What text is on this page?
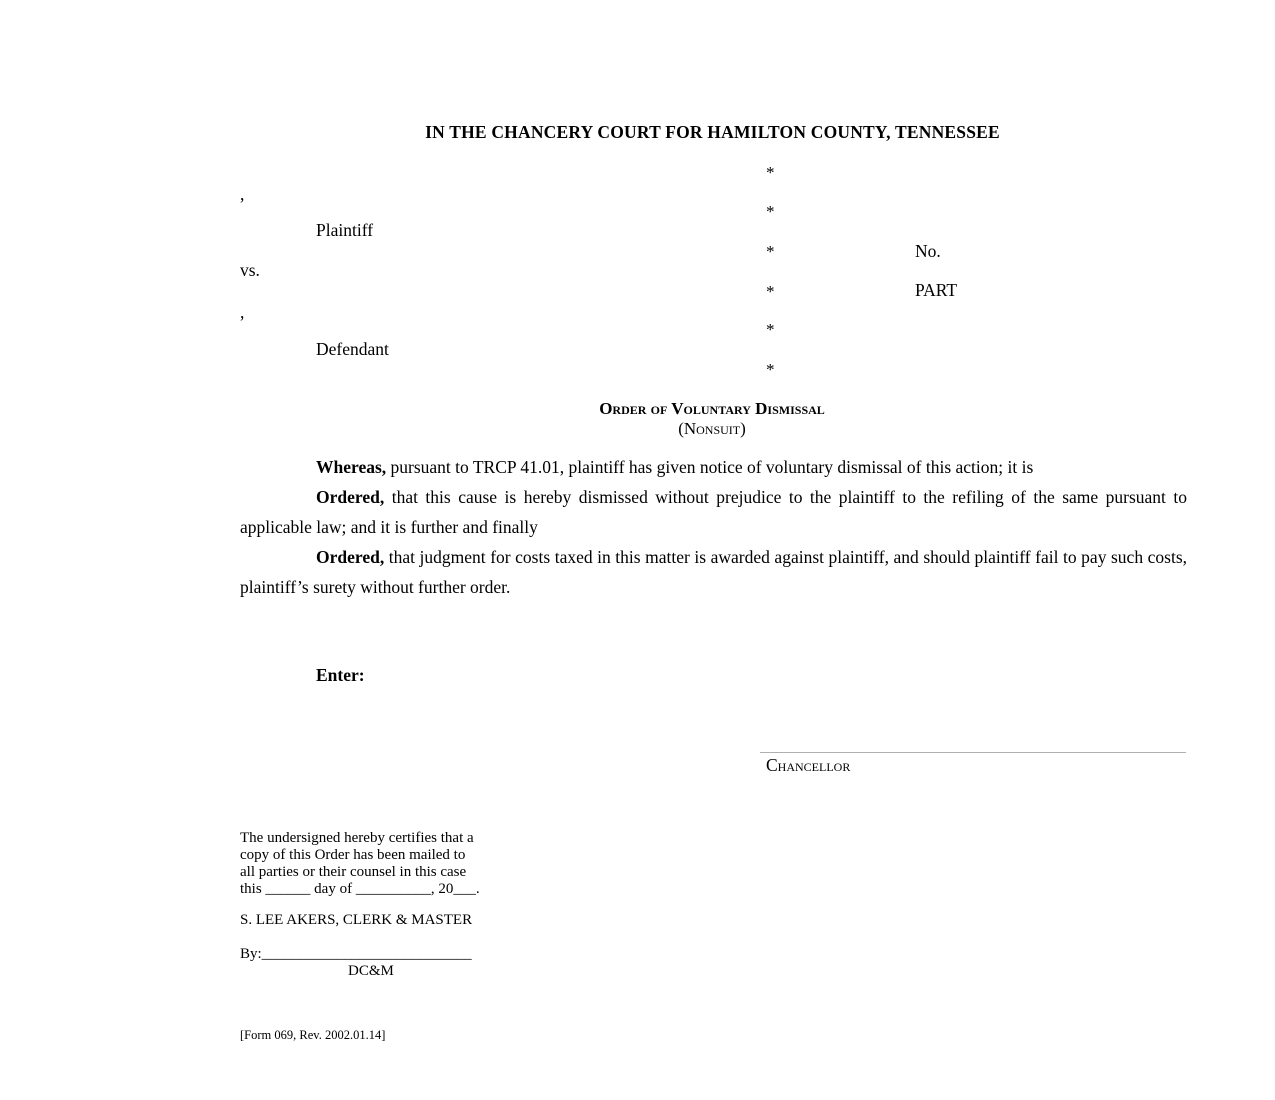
IN THE CHANCERY COURT FOR HAMILTON COUNTY, TENNESSEE
,
Plaintiff
vs.
,
Defendant
*
*
*
*
*
*
No.
PART
Order of Voluntary Dismissal
(Nonsuit)

Whereas, pursuant to TRCP 41.01, plaintiff has given notice of voluntary dismissal of this action; it is

Ordered, that this cause is hereby dismissed without prejudice to the plaintiff to the refiling of the same pursuant to applicable law; and it is further and finally

Ordered, that judgment for costs taxed in this matter is awarded against plaintiff, and should plaintiff fail to pay such costs, plaintiff’s surety without further order.

Enter:
Chancellor
The undersigned hereby certifies that a
copy of this Order has been mailed to
all parties or their counsel in this case
this ______ day of __________, 20___.
S. LEE AKERS, CLERK & MASTER
By:____________________________
DC&M
[Form 069, Rev. 2002.01.14]
